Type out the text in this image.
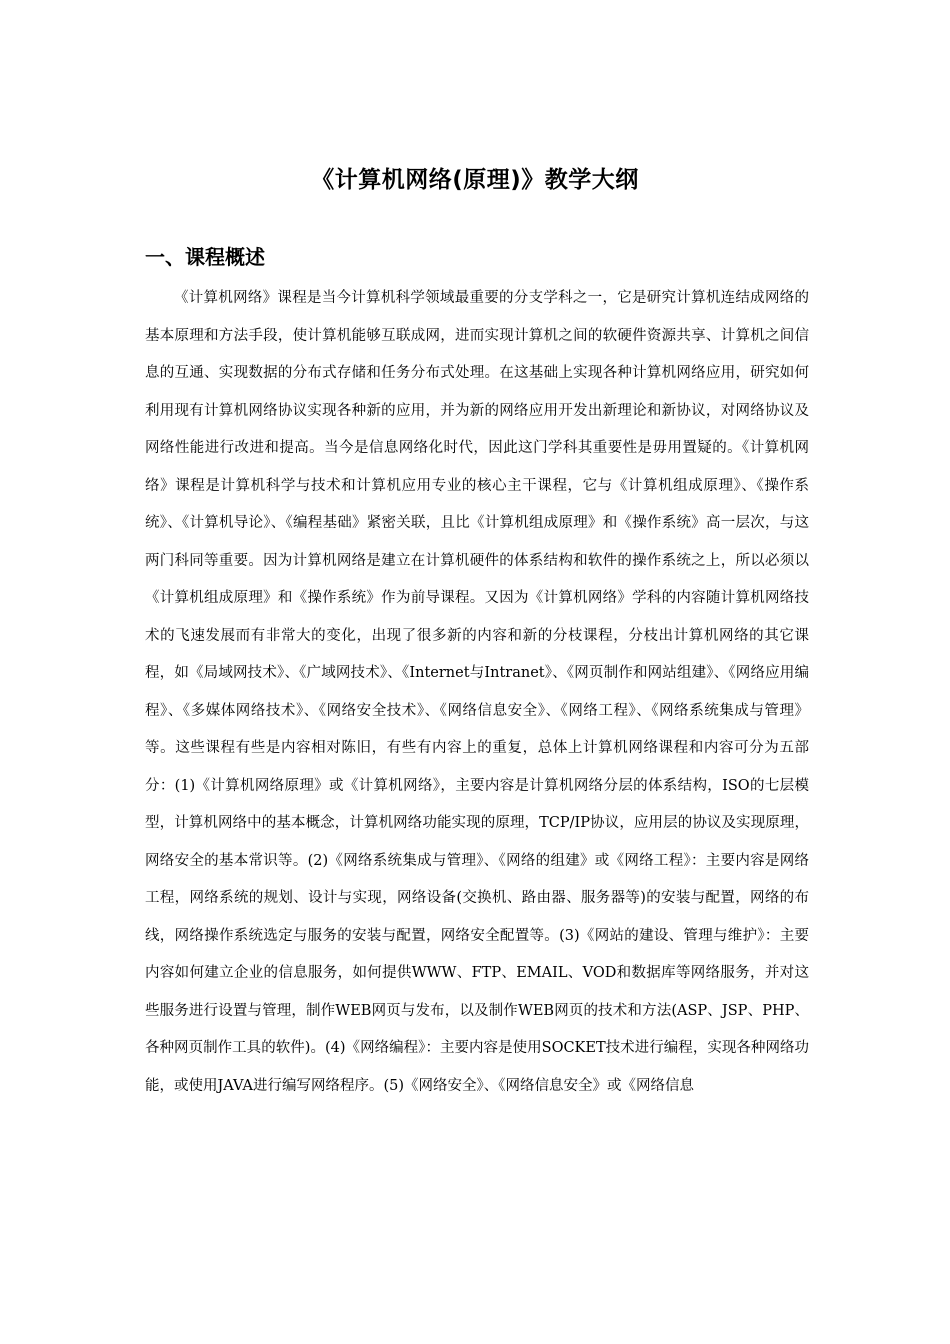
《计算机网络(原理)》教学大纲
一、课程概述

《计算机网络》课程是当今计算机科学领域最重要的分支学科之一，它是研究计算机连结成网络的基本原理和方法手段，使计算机能够互联成网，进而实现计算机之间的软硬件资源共享、计算机之间信息的互通、实现数据的分布式存储和任务分布式处理。在这基础上实现各种计算机网络应用，研究如何利用现有计算机网络协议实现各种新的应用，并为新的网络应用开发出新理论和新协议，对网络协议及网络性能进行改进和提高。当今是信息网络化时代，因此这门学科其重要性是毋用置疑的。《计算机网络》课程是计算机科学与技术和计算机应用专业的核心主干课程，它与《计算机组成原理》、《操作系统》、《计算机导论》、《编程基础》紧密关联，且比《计算机组成原理》和《操作系统》高一层次，与这两门科同等重要。因为计算机网络是建立在计算机硬件的体系结构和软件的操作系统之上，所以必须以《计算机组成原理》和《操作系统》作为前导课程。又因为《计算机网络》学科的内容随计算机网络技术的飞速发展而有非常大的变化，出现了很多新的内容和新的分枝课程，分枝出计算机网络的其它课程，如《局域网技术》、《广域网技术》、《Internet与Intranet》、《网页制作和网站组建》、《网络应用编程》、《多媒体网络技术》、《网络安全技术》、《网络信息安全》、《网络工程》、《网络系统集成与管理》等。这些课程有些是内容相对陈旧，有些有内容上的重复，总体上计算机网络课程和内容可分为五部分：(1)《计算机网络原理》或《计算机网络》，主要内容是计算机网络分层的体系结构，ISO的七层模型，计算机网络中的基本概念，计算机网络功能实现的原理，TCP/IP协议，应用层的协议及实现原理，网络安全的基本常识等。(2)《网络系统集成与管理》、《网络的组建》或《网络工程》：主要内容是网络工程，网络系统的规划、设计与实现，网络设备(交换机、路由器、服务器等)的安装与配置，网络的布线，网络操作系统选定与服务的安装与配置，网络安全配置等。(3)《网站的建设、管理与维护》：主要内容如何建立企业的信息服务，如何提供WWW、FTP、EMAIL、VOD和数据库等网络服务，并对这些服务进行设置与管理，制作WEB网页与发布，以及制作WEB网页的技术和方法(ASP、JSP、PHP、各种网页制作工具的软件)。(4)《网络编程》：主要内容是使用SOCKET技术进行编程，实现各种网络功能，或使用JAVA进行编写网络程序。(5)《网络安全》、《网络信息安全》或《网络信息
